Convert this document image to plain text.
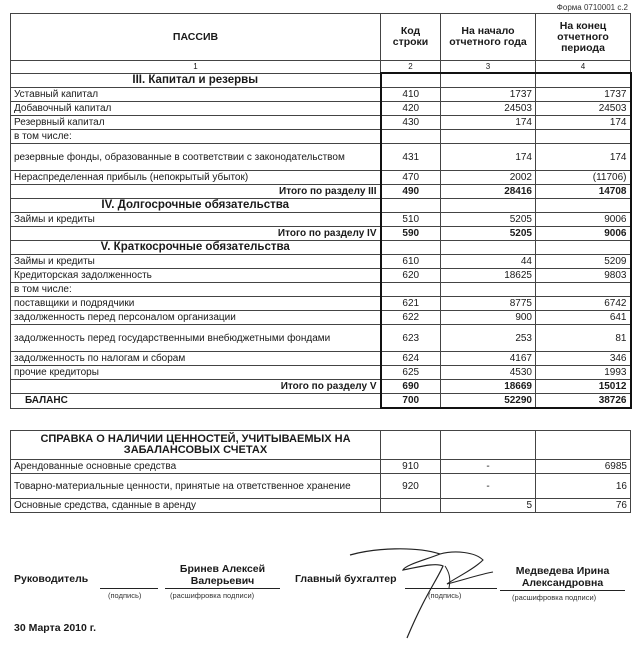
Форма 0710001 с.2
ПАССИВ	Код строки	На начало отчетного года	На конец отчетного периода
1	2	3	4
III. Капитал и резервы			
Уставный капитал	410	1737	1737
Добавочный капитал	420	24503	24503
Резервный капитал	430	174	174
в том числе:			
резервные фонды, образованные в соответствии с законодательством	431	174	174
Нераспределенная прибыль (непокрытый убыток)	470	2002	(11706)
Итого по разделу III	490	28416	14708
IV. Долгосрочные обязательства			
Займы и кредиты	510	5205	9006
Итого по разделу IV	590	5205	9006
V. Краткосрочные обязательства			
Займы и кредиты	610	44	5209
Кредиторская задолженность	620	18625	9803
в том числе:			
поставщики и подрядчики	621	8775	6742
задолженность перед персоналом организации	622	900	641
задолженность перед государственными внебюджетными фондами	623	253	81
задолженность по налогам и сборам	624	4167	346
прочие кредиторы	625	4530	1993
Итого по разделу V	690	18669	15012
БАЛАНС	700	52290	38726
СПРАВКА О НАЛИЧИИ ЦЕННОСТЕЙ, УЧИТЫВАЕМЫХ НА ЗАБАЛАНСОВЫХ СЧЕТАХ			
Арендованные основные средства	910	-	6985
Товарно-материальные ценности, принятые на ответственное хранение	920	-	16
Основные средства, сданные в аренду		5	76
Руководитель
(подпись)
Бринев Алексей Валерьевич
(расшифровка подписи)
Главный бухгалтер
(подпись)
Медведева Ирина Александровна
(расшифровка подписи)
30 Марта 2010 г.
